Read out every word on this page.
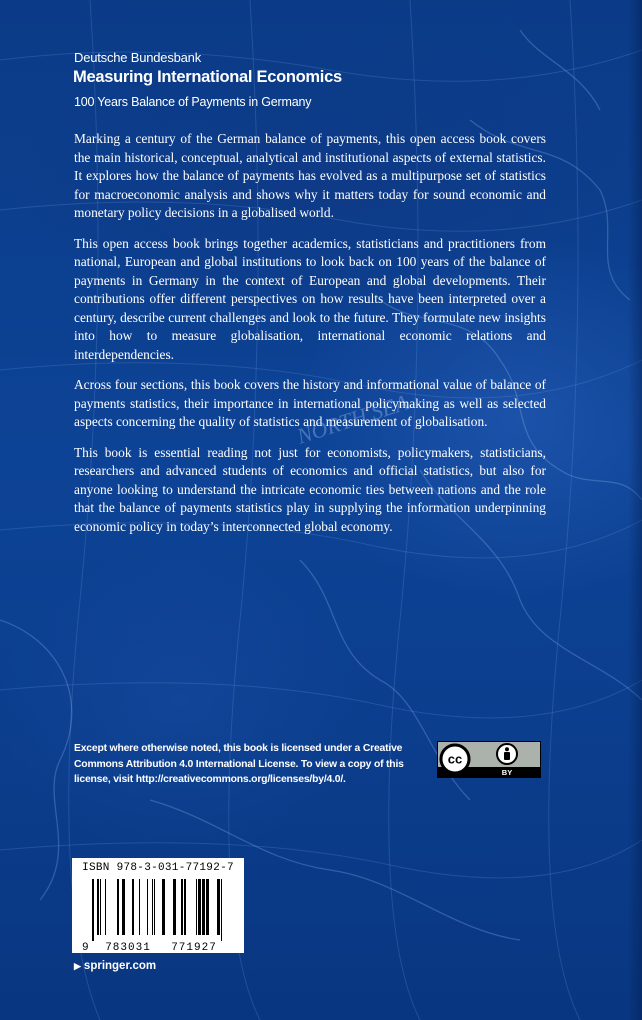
NORTH SEA
Deutsche Bundesbank
Measuring International Economics
100 Years Balance of Payments in Germany

Marking a century of the German balance of payments, this open access book covers the main historical, conceptual, analytical and institutional aspects of external statistics. It explores how the balance of payments has evolved as a multipurpose set of statistics for macroeconomic analysis and shows why it matters today for sound economic and monetary policy decisions in a globalised world.

This open access book brings together academics, statisticians and practitioners from national, European and global institutions to look back on 100 years of the balance of payments in Germany in the context of European and global developments. Their contributions offer different perspectives on how results have been interpreted over a century, describe current challenges and look to the future. They formulate new insights into how to measure globalisation, international economic relations and interdependencies.

Across four sections, this book covers the history and informational value of balance of payments statistics, their importance in international policymaking as well as selected aspects concerning the quality of statistics and measurement of globalisation.

This book is essential reading not just for economists, policymakers, statisticians, researchers and advanced students of economics and official statistics, but also for anyone looking to understand the intricate economic ties between nations and the role that the balance of payments statistics play in supplying the information underpinning economic policy in today’s interconnected global economy.

Except where otherwise noted, this book is licensed under a Creative Commons Attribution 4.0 International License. To view a copy of this license, visit http://creativecommons.org/licenses/by/4.0/.
cc
BY
ISBN 978-3-031-77192-7
9 783031 771927
▶ springer.com
